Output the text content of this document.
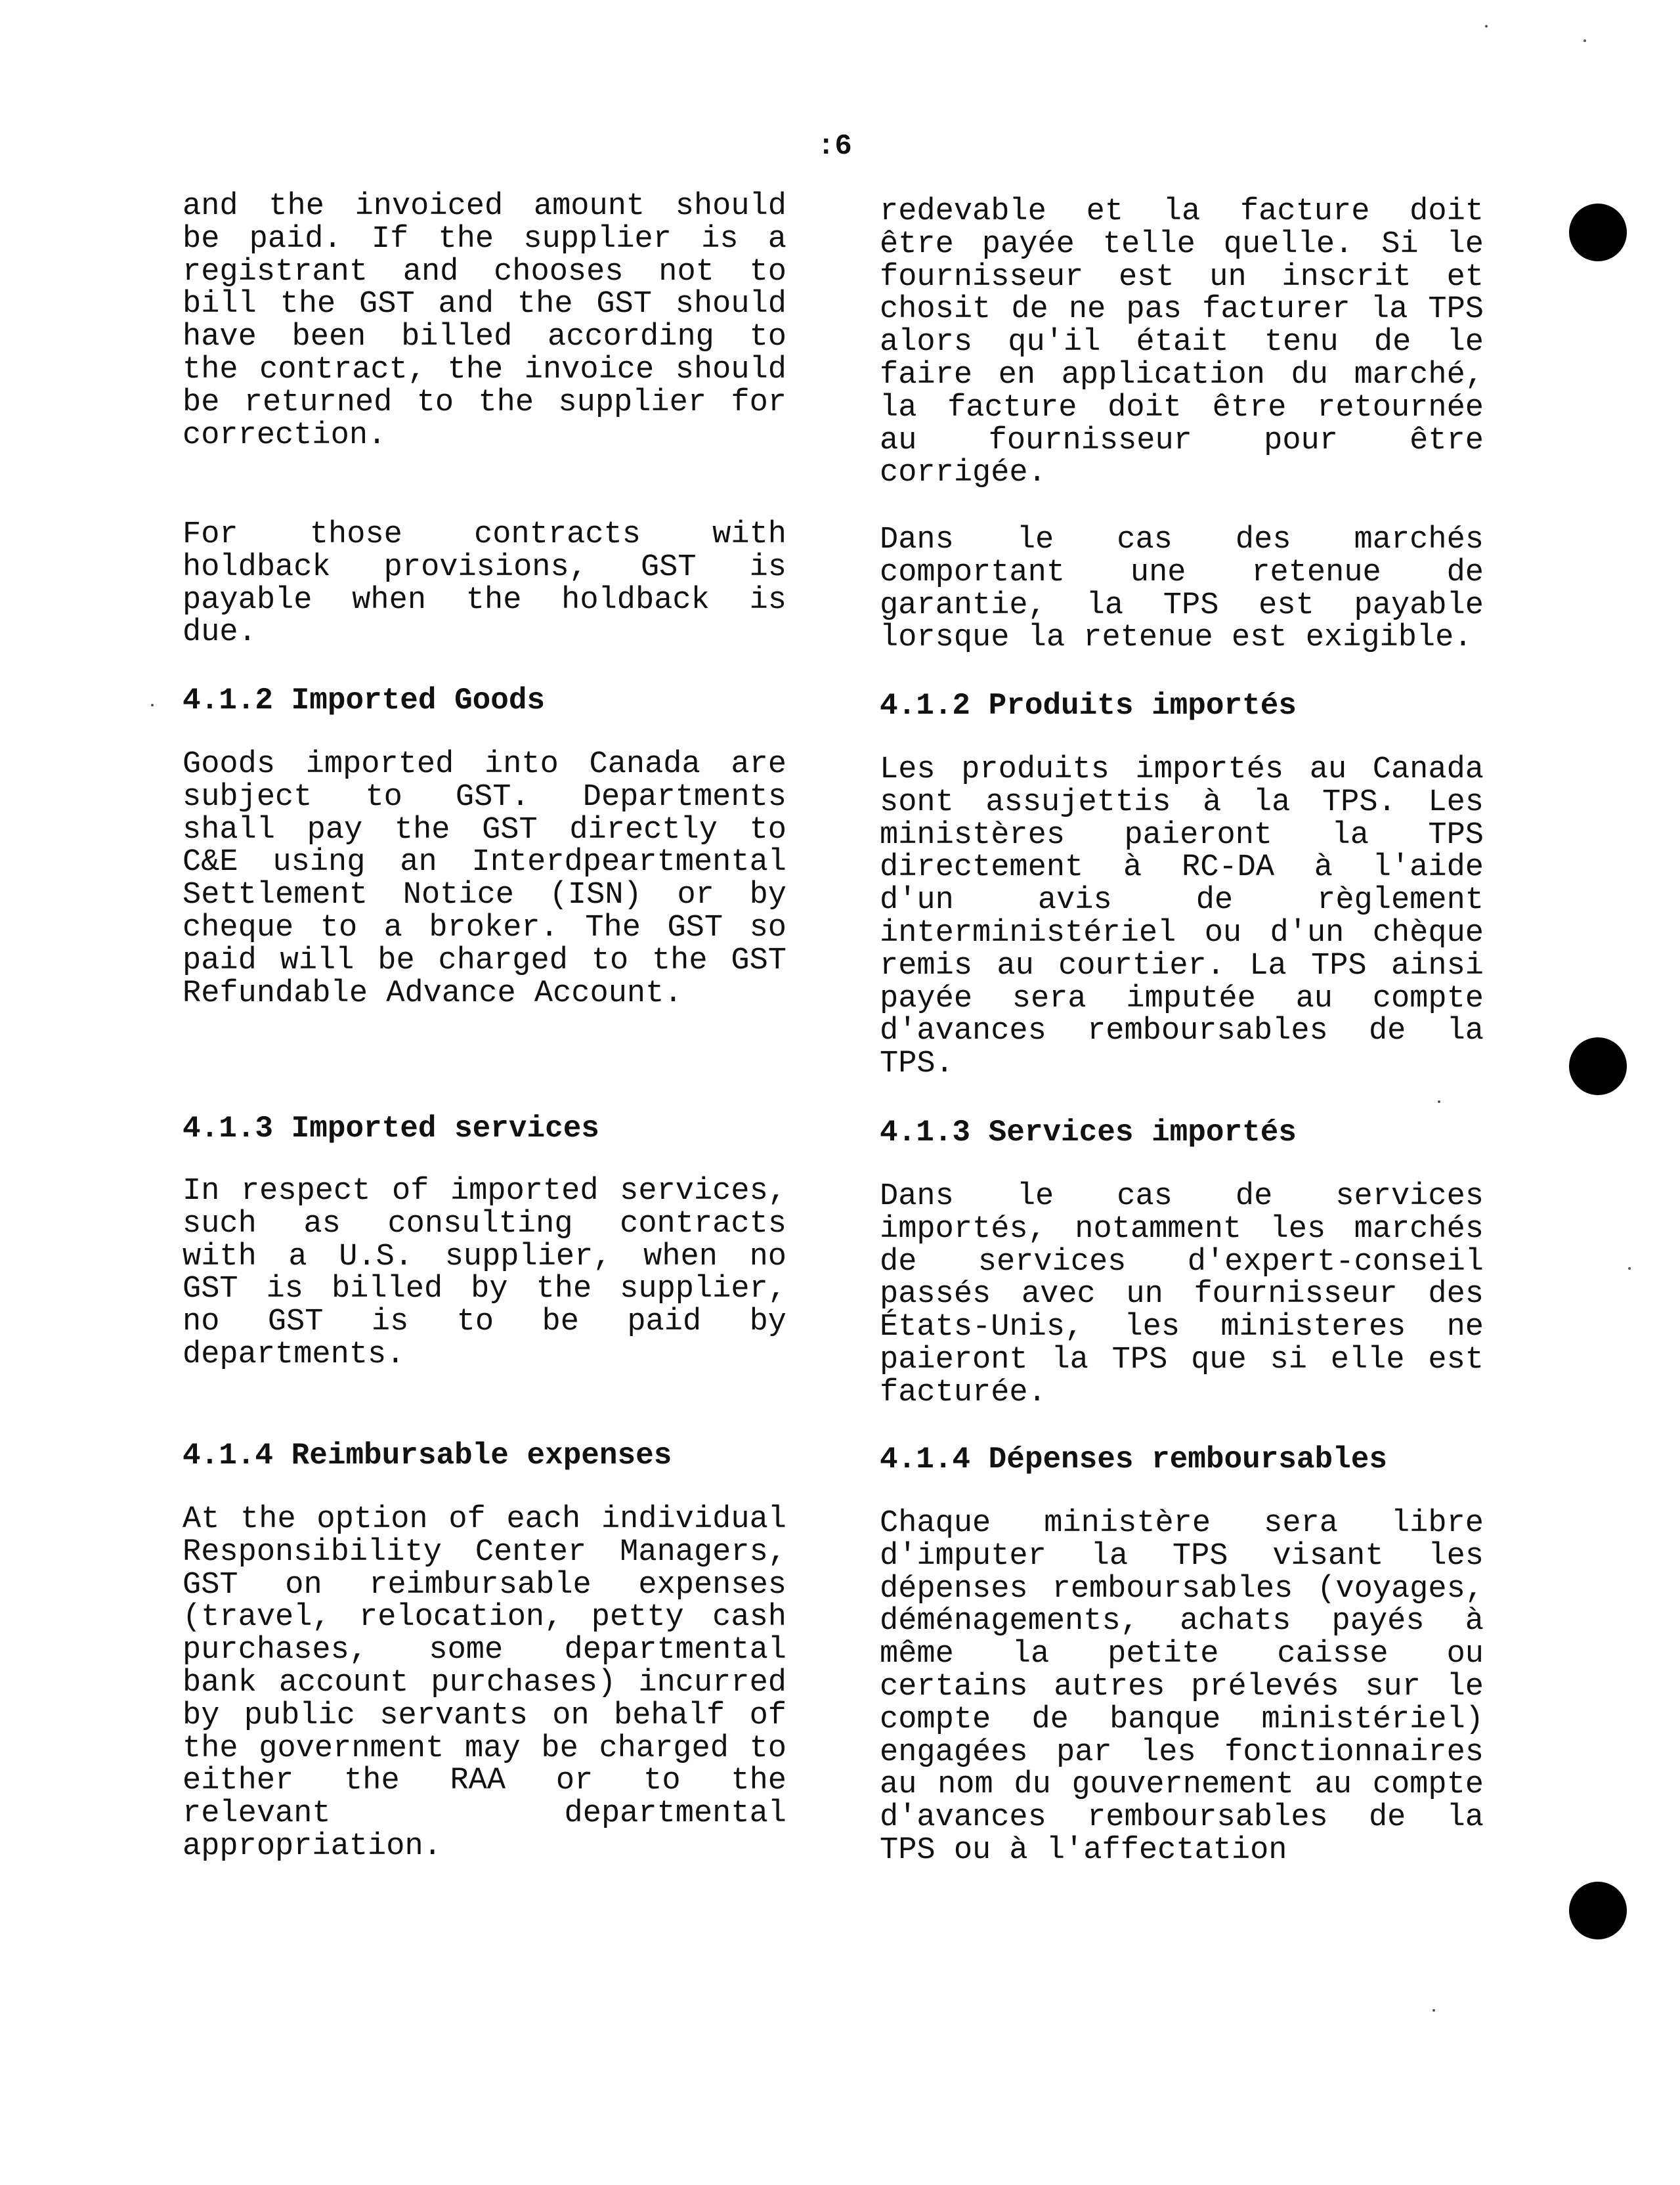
:6

and the invoiced amount should be paid. If the supplier is a registrant and chooses not to bill the GST and the GST should have been billed according to the contract, the invoice should be returned to the supplier for correction.

For those contracts with holdback provisions, GST is payable when the holdback is due.

4.1.2 Imported Goods

Goods imported into Canada are subject to GST. Departments shall pay the GST directly to C&E using an Interdpeartmental Settlement Notice (ISN) or by cheque to a broker. The GST so paid will be charged to the GST Refundable Advance Account.

4.1.3 Imported services

In respect of imported services, such as consulting contracts with a U.S. supplier, when no GST is billed by the supplier, no GST is to be paid by departments.

4.1.4 Reimbursable expenses

At the option of each individual Responsibility Center Managers, GST on reimbursable expenses (travel, relocation, petty cash purchases, some departmental bank account purchases) incurred by public servants on behalf of the government may be charged to either the RAA or to the relevant departmental appropriation.

redevable et la facture doit être payée telle quelle. Si le fournisseur est un inscrit et chosit de ne pas facturer la TPS alors qu'il était tenu de le faire en application du marché, la facture doit être retournée au fournisseur pour être corrigée.

Dans le cas des marchés comportant une retenue de garantie, la TPS est payable lorsque la retenue est exigible.

4.1.2 Produits importés

Les produits importés au Canada sont assujettis à la TPS. Les ministères paieront la TPS directement à RC-DA à l'aide d'un avis de règlement interministériel ou d'un chèque remis au courtier. La TPS ainsi payée sera imputée au compte d'avances remboursables de la TPS.

4.1.3 Services importés

Dans le cas de services importés, notamment les marchés de services d'expert-conseil passés avec un fournisseur des États-Unis, les ministeres ne paieront la TPS que si elle est facturée.

4.1.4 Dépenses remboursables

Chaque ministère sera libre d'imputer la TPS visant les dépenses remboursables (voyages, déménagements, achats payés à même la petite caisse ou certains autres prélevés sur le compte de banque ministériel) engagées par les fonctionnaires au nom du gouvernement au compte d'avances remboursables de la TPS ou à l'affectation
